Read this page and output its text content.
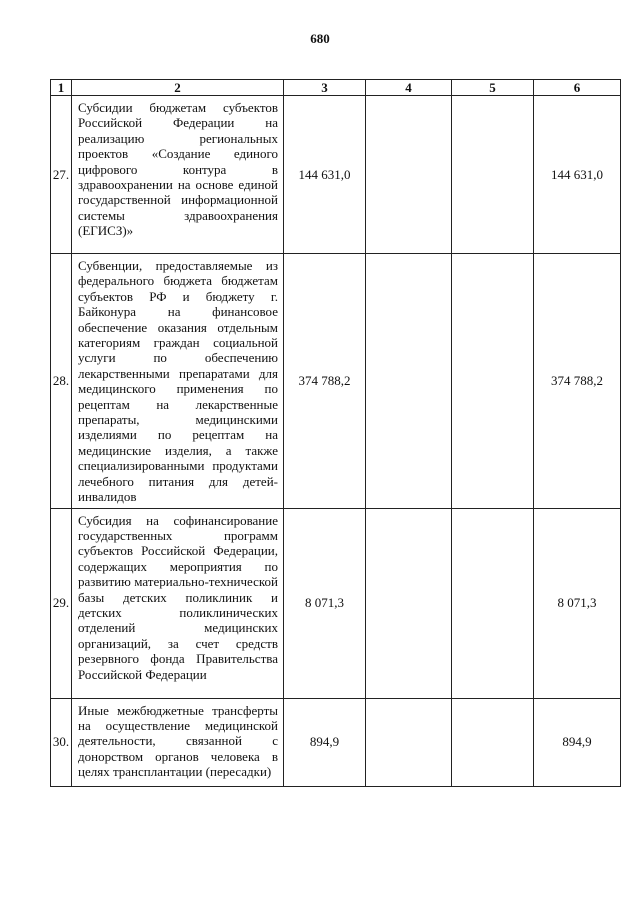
680
1	2	3	4	5	6
27.	Субсидии бюджетам субъектов Российской Федерации на реализацию региональных проектов «Создание единого цифрового контура в здравоохранении на основе единой государственной информационной системы здравоохранения (ЕГИСЗ)»	144 631,0			144 631,0
28.	Субвенции, предоставляемые из федерального бюджета бюджетам субъектов РФ и бюджету г. Байконура на финансовое обеспечение оказания отдельным категориям граждан социальной услуги по обеспечению лекарственными препаратами для медицинского применения по рецептам на лекарственные препараты, медицинскими изделиями по рецептам на медицинские изделия, а также специализированными продуктами лечебного питания для детей-инвалидов	374 788,2			374 788,2
29.	Субсидия на софинансирование государственных программ субъектов Российской Федерации, содержащих мероприятия по развитию материально-технической базы детских поликлиник и детских поликлинических отделений медицинских организаций, за счет средств резервного фонда Правительства Российской Федерации	8 071,3			8 071,3
30.	Иные межбюджетные трансферты на осуществление медицинской деятельности, связанной с донорством органов человека в целях трансплантации (пересадки)	894,9			894,9
